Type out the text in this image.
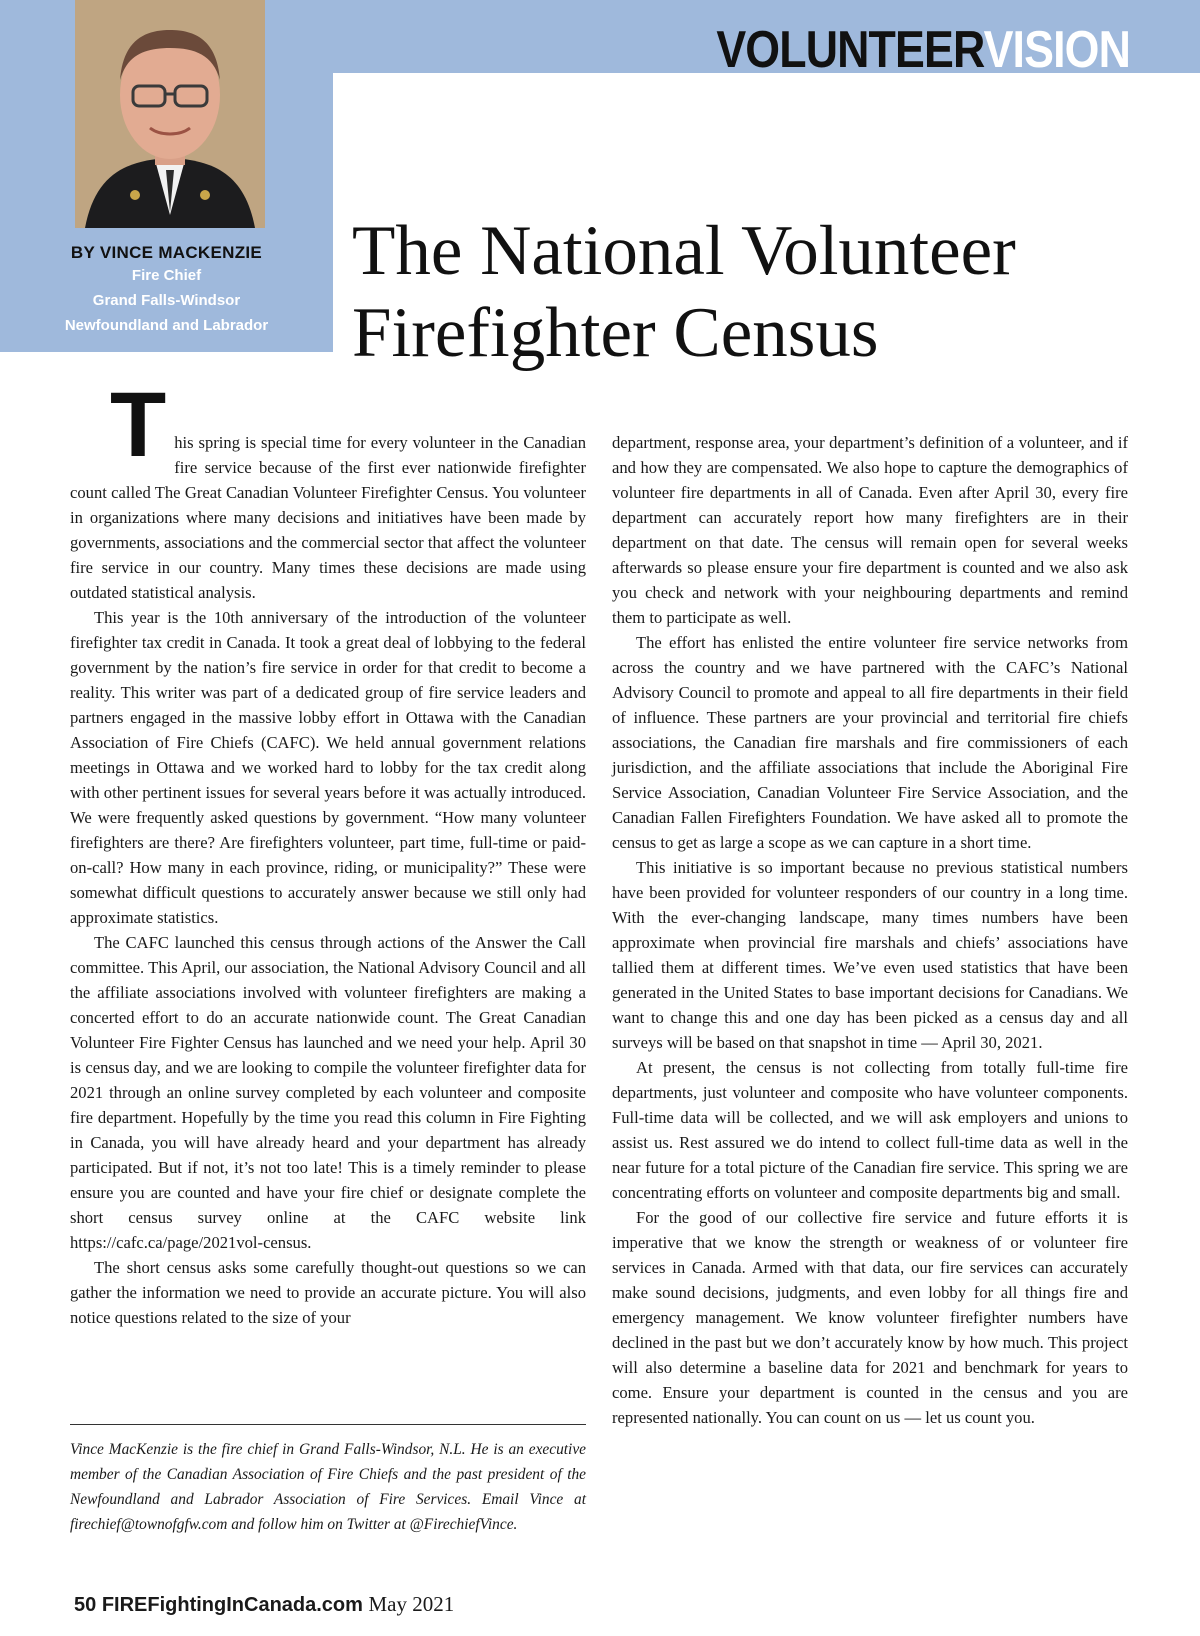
BY VINCE MACKENZIE
Fire Chief
Grand Falls-Windsor
Newfoundland and Labrador
VOLUNTEERVISION
The National Volunteer
Firefighter Census

This spring is special time for every volunteer in the Canadian fire service because of the first ever nationwide firefighter count called The Great Canadian Volunteer Firefighter Census. You volunteer in organizations where many decisions and initiatives have been made by governments, associations and the commercial sector that affect the volunteer fire service in our country. Many times these decisions are made using outdated statistical analysis.

This year is the 10th anniversary of the introduction of the volunteer firefighter tax credit in Canada. It took a great deal of lobbying to the federal government by the nation’s fire service in order for that credit to become a reality. This writer was part of a dedicated group of fire service leaders and partners engaged in the massive lobby effort in Ottawa with the Canadian Association of Fire Chiefs (CAFC). We held annual government relations meetings in Ottawa and we worked hard to lobby for the tax credit along with other pertinent issues for several years before it was actually introduced. We were frequently asked questions by government. “How many volunteer firefighters are there? Are firefighters volunteer, part time, full-time or paid-on-call? How many in each province, riding, or municipality?” These were somewhat difficult questions to accurately answer because we still only had approximate statistics.

The CAFC launched this census through actions of the Answer the Call committee. This April, our association, the National Advisory Council and all the affiliate associations involved with volunteer firefighters are making a concerted effort to do an accurate nationwide count. The Great Canadian Volunteer Fire Fighter Census has launched and we need your help. April 30 is census day, and we are looking to compile the volunteer firefighter data for 2021 through an online survey completed by each volunteer and composite fire department. Hopefully by the time you read this column in Fire Fighting in Canada, you will have already heard and your department has already participated. But if not, it’s not too late! This is a timely reminder to please ensure you are counted and have your fire chief or designate complete the short census survey online at the CAFC website link https://cafc.ca/page/2021vol-census.

The short census asks some carefully thought-out questions so we can gather the information we need to provide an accurate picture. You will also notice questions related to the size of your

department, response area, your department’s definition of a volunteer, and if and how they are compensated. We also hope to capture the demographics of volunteer fire departments in all of Canada. Even after April 30, every fire department can accurately report how many firefighters are in their department on that date. The census will remain open for several weeks afterwards so please ensure your fire department is counted and we also ask you check and network with your neighbouring departments and remind them to participate as well.

The effort has enlisted the entire volunteer fire service networks from across the country and we have partnered with the CAFC’s National Advisory Council to promote and appeal to all fire departments in their field of influence. These partners are your provincial and territorial fire chiefs associations, the Canadian fire marshals and fire commissioners of each jurisdiction, and the affiliate associations that include the Aboriginal Fire Service Association, Canadian Volunteer Fire Service Association, and the Canadian Fallen Firefighters Foundation. We have asked all to promote the census to get as large a scope as we can capture in a short time.

This initiative is so important because no previous statistical numbers have been provided for volunteer responders of our country in a long time. With the ever-changing landscape, many times numbers have been approximate when provincial fire marshals and chiefs’ associations have tallied them at different times. We’ve even used statistics that have been generated in the United States to base important decisions for Canadians. We want to change this and one day has been picked as a census day and all surveys will be based on that snapshot in time — April 30, 2021.

At present, the census is not collecting from totally full-time fire departments, just volunteer and composite who have volunteer components. Full-time data will be collected, and we will ask employers and unions to assist us. Rest assured we do intend to collect full-time data as well in the near future for a total picture of the Canadian fire service. This spring we are concentrating efforts on volunteer and composite departments big and small.

For the good of our collective fire service and future efforts it is imperative that we know the strength or weakness of or volunteer fire services in Canada. Armed with that data, our fire services can accurately make sound decisions, judgments, and even lobby for all things fire and emergency management. We know volunteer firefighter numbers have declined in the past but we don’t accurately know by how much. This project will also determine a baseline data for 2021 and benchmark for years to come. Ensure your department is counted in the census and you are represented nationally. You can count on us — let us count you.

Vince MacKenzie is the fire chief in Grand Falls-Windsor, N.L. He is an executive member of the Canadian Association of Fire Chiefs and the past president of the Newfoundland and Labrador Association of Fire Services. Email Vince at firechief@townofgfw.com and follow him on Twitter at @FirechiefVince.
50 FIREFightingInCanada.com May 2021
